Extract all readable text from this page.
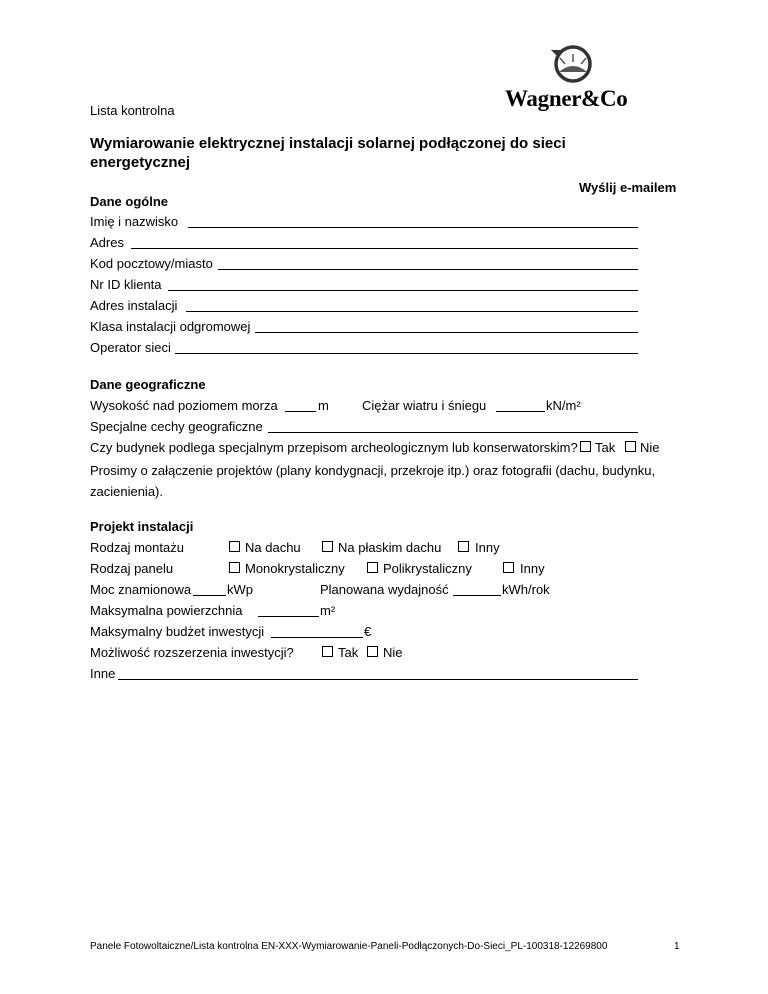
Lista kontrolna	Wagner&Co
Wymiarowanie elektrycznej instalacji solarnej podłączonej do sieci energetycznej
Wyślij e-mailem
Dane ogólne
Imię i nazwisko
Adres
Kod pocztowy/miasto
Nr ID klienta
Adres instalacji
Klasa instalacji odgromowej
Operator sieci
Dane geograficzne
Wysokość nad poziomem morza	m	Ciężar wiatru i śniegu	kN/m²
Specjalne cechy geograficzne
Czy budynek podlega specjalnym przepisom archeologicznym lub konserwatorskim? Tak Nie
Prosimy o załączenie projektów (plany kondygnacji, przekroje itp.) oraz fotografii (dachu, budynku, zacienienia).
Projekt instalacji
Rodzaj montażu	Na dachu	Na płaskim dachu	Inny
Rodzaj panelu	Monokrystaliczny	Polikrystaliczny	Inny
Moc znamionowa	kWp	Planowana wydajność	kWh/rok
Maksymalna powierzchnia	m²
Maksymalny budżet inwestycji	€
Możliwość rozszerzenia inwestycji?	Tak Nie
Inne
Panele Fotowoltaiczne/Lista kontrolna EN-XXX-Wymiarowanie-Paneli-Podłączonych-Do-Sieci_PL-100318-12269800	1
